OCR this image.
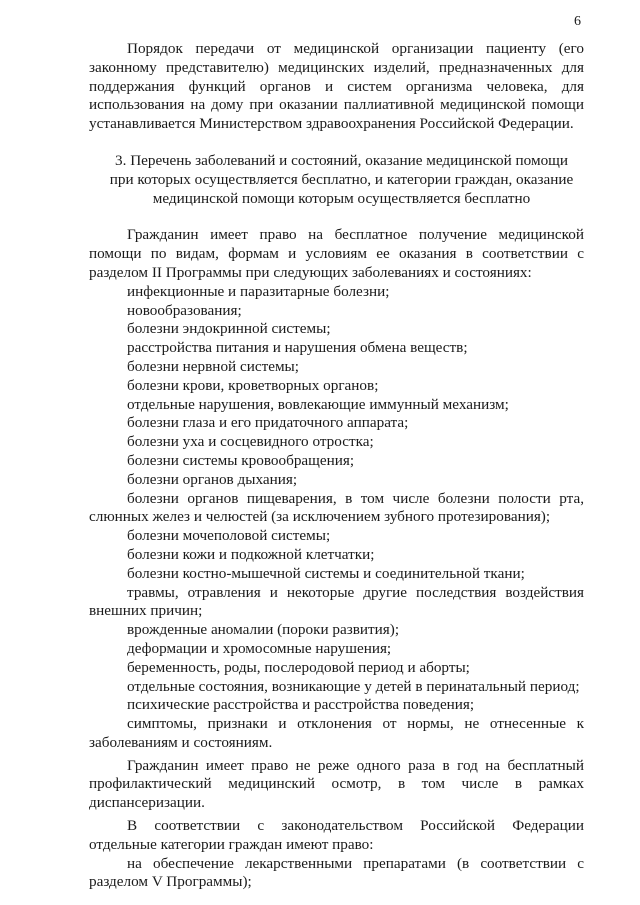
6

Порядок передачи от медицинской организации пациенту (его законному представителю) медицинских изделий, предназначенных для поддержания функций органов и систем организма человека, для использования на дому при оказании паллиативной медицинской помощи устанавливается Министерством здравоохранения Российской Федерации.

3. Перечень заболеваний и состояний, оказание медицинской помощи
при которых осуществляется бесплатно, и категории граждан, оказание
медицинской помощи которым осуществляется бесплатно

Гражданин имеет право на бесплатное получение медицинской помощи по видам, формам и условиям ее оказания в соответствии с разделом II Программы при следующих заболеваниях и состояниях:

инфекционные и паразитарные болезни;

новообразования;

болезни эндокринной системы;

расстройства питания и нарушения обмена веществ;

болезни нервной системы;

болезни крови, кроветворных органов;

отдельные нарушения, вовлекающие иммунный механизм;

болезни глаза и его придаточного аппарата;

болезни уха и сосцевидного отростка;

болезни системы кровообращения;

болезни органов дыхания;

болезни органов пищеварения, в том числе болезни полости рта, слюнных желез и челюстей (за исключением зубного протезирования);

болезни мочеполовой системы;

болезни кожи и подкожной клетчатки;

болезни костно-мышечной системы и соединительной ткани;

травмы, отравления и некоторые другие последствия воздействия внешних причин;

врожденные аномалии (пороки развития);

деформации и хромосомные нарушения;

беременность, роды, послеродовой период и аборты;

отдельные состояния, возникающие у детей в перинатальный период;

психические расстройства и расстройства поведения;

симптомы, признаки и отклонения от нормы, не отнесенные к заболеваниям и состояниям.

Гражданин имеет право не реже одного раза в год на бесплатный профилактический медицинский осмотр, в том числе в рамках диспансеризации.

В соответствии с законодательством Российской Федерации отдельные категории граждан имеют право:

на обеспечение лекарственными препаратами (в соответствии с разделом V Программы);
